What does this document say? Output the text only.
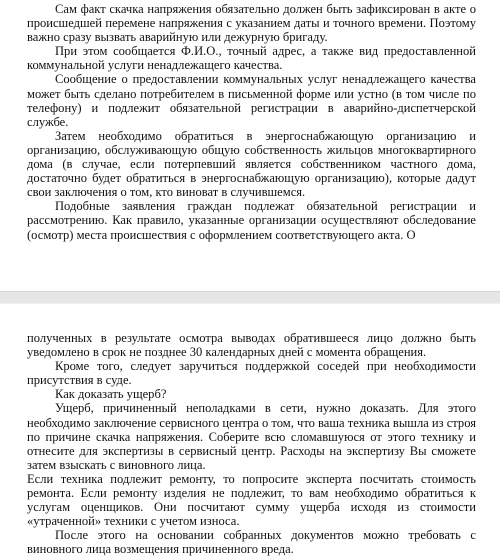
Сам факт скачка напряжения обязательно должен быть зафиксирован в акте о происшедшей перемене напряжения с указанием даты и точного времени. Поэтому важно сразу вызвать аварийную или дежурную бригаду.

При этом сообщается Ф.И.О., точный адрес, а также вид предоставленной коммунальной услуги ненадлежащего качества.

Сообщение о предоставлении коммунальных услуг ненадлежащего качества может быть сделано потребителем в письменной форме или устно (в том числе по телефону) и подлежит обязательной регистрации в аварийно-диспетчерской службе.

Затем необходимо обратиться в энергоснабжающую организацию и организацию, обслуживающую общую собственность жильцов многоквартирного дома (в случае, если потерпевший является собственником частного дома, достаточно будет обратиться в энергоснабжающую организацию), которые дадут свои заключения о том, кто виноват в случившемся.

Подобные заявления граждан подлежат обязательной регистрации и рассмотрению. Как правило, указанные организации осуществляют обследование (осмотр) места происшествия с оформлением соответствующего акта. О

полученных в результате осмотра выводах обратившееся лицо должно быть уведомлено в срок не позднее 30 календарных дней с момента обращения.

Кроме того, следует заручиться поддержкой соседей при необходимости присутствия в суде.

Как доказать ущерб?

Ущерб, причиненный неполадками в сети, нужно доказать. Для этого необходимо заключение сервисного центра о том, что ваша техника вышла из строя по причине скачка напряжения. Соберите всю сломавшуюся от этого технику и отнесите для экспертизы в сервисный центр. Расходы на экспертизу Вы сможете затем взыскать с виновного лица.

Если техника подлежит ремонту, то попросите эксперта посчитать стоимость ремонта. Если ремонту изделия не подлежит, то вам необходимо обратиться к услугам оценщиков. Они посчитают сумму ущерба исходя из стоимости «утраченной» техники с учетом износа.

После этого на основании собранных документов можно требовать с виновного лица возмещения причиненного вреда.
